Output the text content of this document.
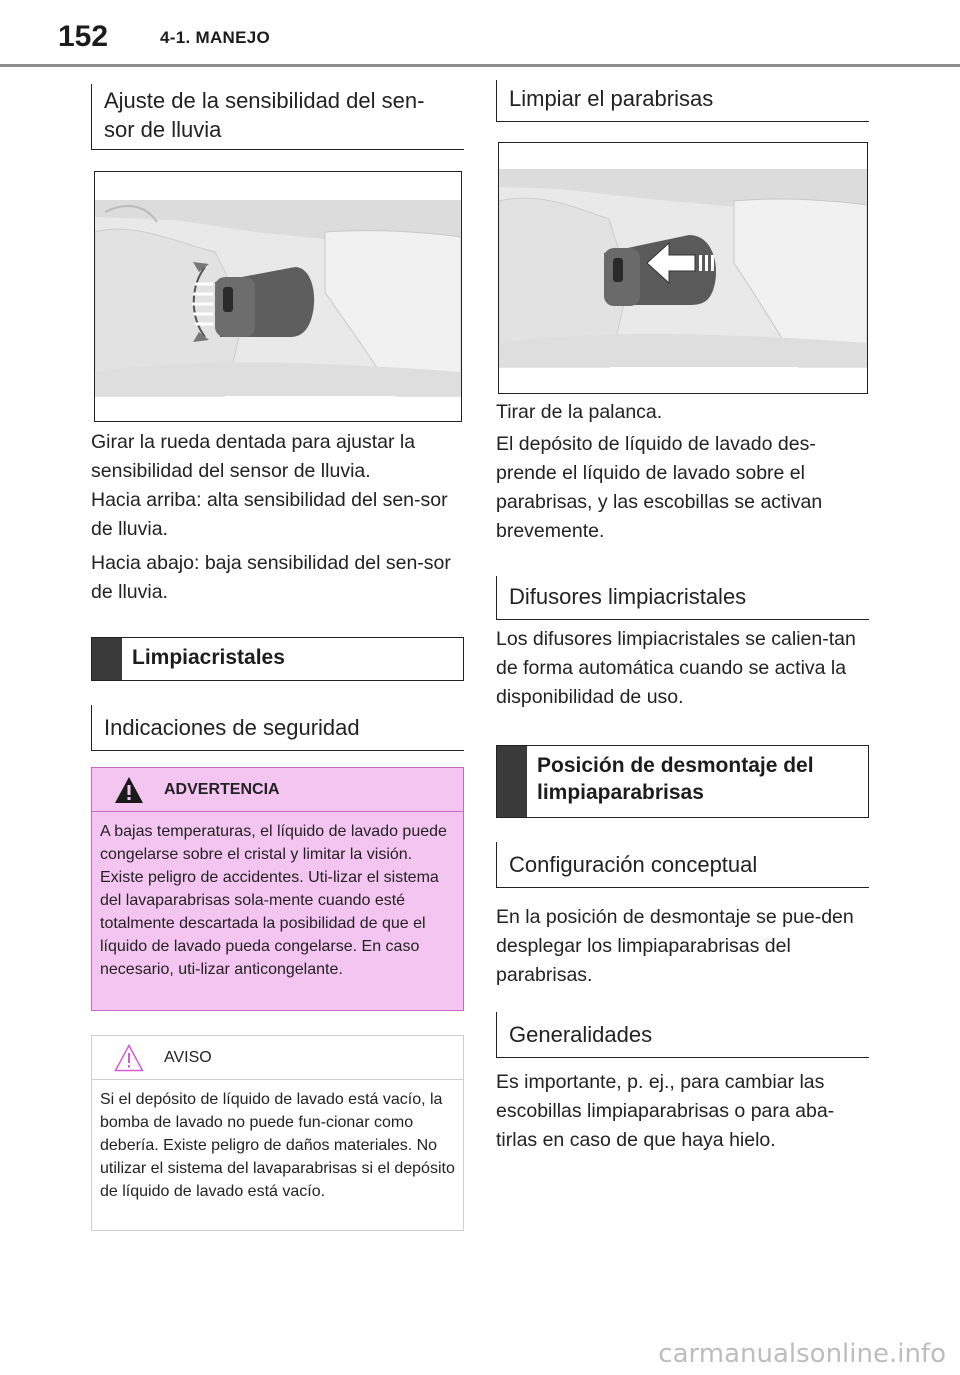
152	4-1. MANEJO
Ajuste de la sensibilidad del sen-
sor de lluvia
Girar la rueda dentada para ajustar la sensibilidad del sensor de lluvia.
Hacia arriba: alta sensibilidad del sen-sor de lluvia.
Hacia abajo: baja sensibilidad del sen-sor de lluvia.
Limpiacristales
Indicaciones de seguridad
ADVERTENCIA
A bajas temperaturas, el líquido de lavado puede congelarse sobre el cristal y limitar la visión. Existe peligro de accidentes. Uti-lizar el sistema del lavaparabrisas sola-mente cuando esté totalmente descartada la posibilidad de que el líquido de lavado pueda congelarse. En caso necesario, uti-lizar anticongelante.
AVISO
Si el depósito de líquido de lavado está vacío, la bomba de lavado no puede fun-cionar como debería. Existe peligro de daños materiales. No utilizar el sistema del lavaparabrisas si el depósito de líquido de lavado está vacío.
Limpiar el parabrisas
Tirar de la palanca.
El depósito de líquido de lavado des-prende el líquido de lavado sobre el parabrisas, y las escobillas se activan brevemente.
Difusores limpiacristales
Los difusores limpiacristales se calien-tan de forma automática cuando se activa la disponibilidad de uso.
Posición de desmontaje del
limpiaparabrisas
Configuración conceptual
En la posición de desmontaje se pue-den desplegar los limpiaparabrisas del parabrisas.
Generalidades
Es importante, p. ej., para cambiar las escobillas limpiaparabrisas o para aba-tirlas en caso de que haya hielo.
carmanualsonline.info
